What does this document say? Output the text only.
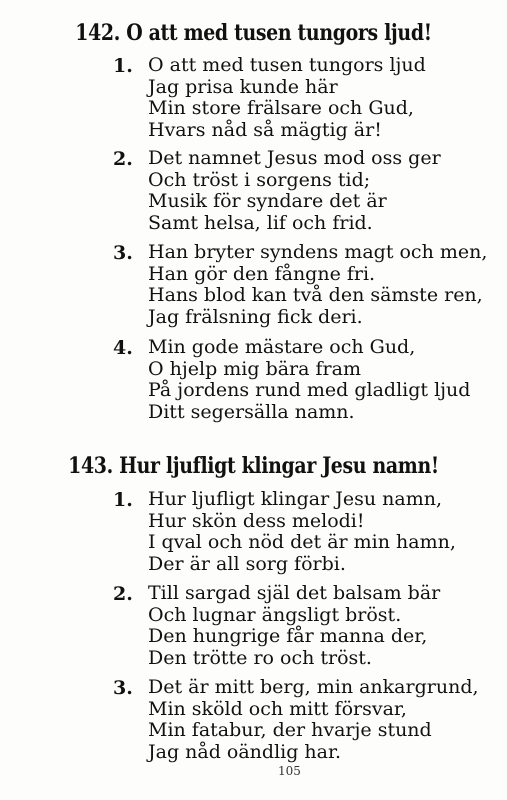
142. O att med tusen tungors ljud!
1. O att med tusen tungors ljud
Jag prisa kunde här
Min store frälsare och Gud,
Hvars nåd så mägtig är!
2. Det namnet Jesus mod oss ger
Och tröst i sorgens tid;
Musik för syndare det är
Samt helsa, lif och frid.
3. Han bryter syndens magt och men,
Han gör den fångne fri.
Hans blod kan två den sämste ren,
Jag frälsning fick deri.
4. Min gode mästare och Gud,
O hjelp mig bära fram
På jordens rund med gladligt ljud
Ditt segersälla namn.
143. Hur ljufligt klingar Jesu namn!
1. Hur ljufligt klingar Jesu namn,
Hur skön dess melodi!
I qval och nöd det är min hamn,
Der är all sorg förbi.
2. Till sargad själ det balsam bär
Och lugnar ängsligt bröst.
Den hungrige får manna der,
Den trötte ro och tröst.
3. Det är mitt berg, min ankargrund,
Min sköld och mitt försvar,
Min fatabur, der hvarje stund
Jag nåd oändlig har.
105
